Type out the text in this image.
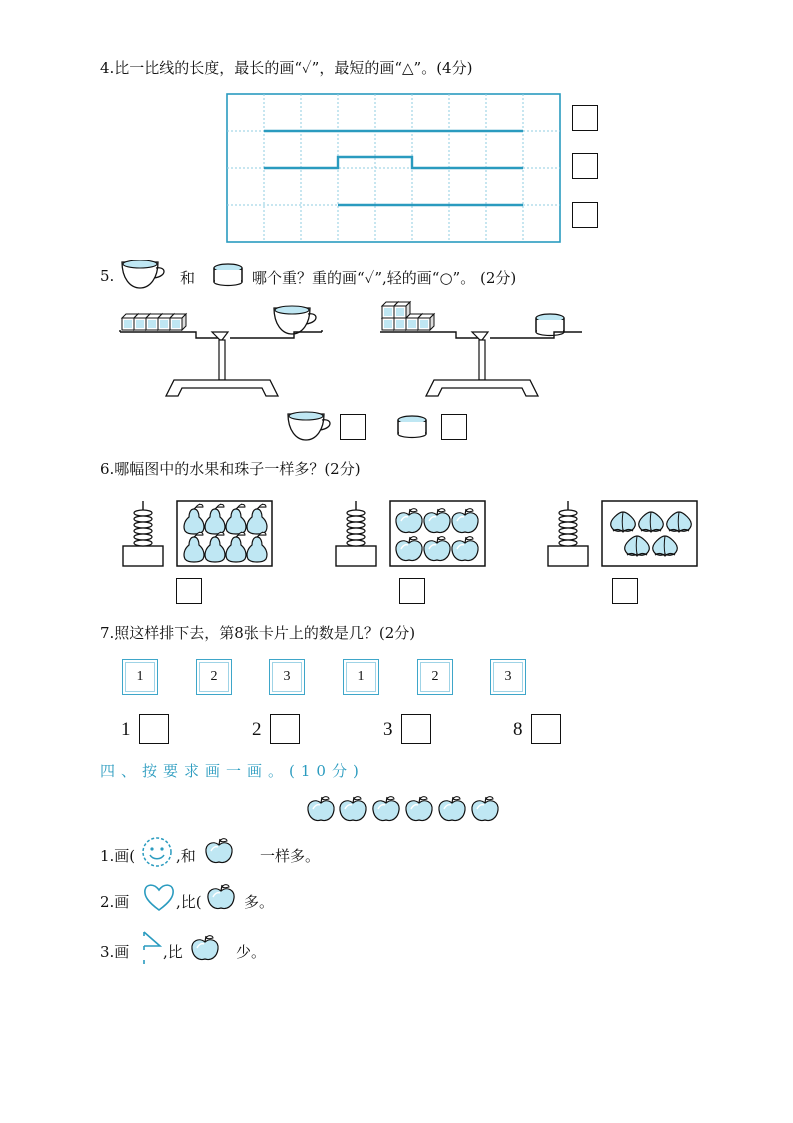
4.比一比线的长度，最长的画“✓”，最短的画“△”。(4分)
5.	和	哪个重？重的画“✓”,轻的画“○”。 (2分)
6.哪幅图中的水果和珠子一样多？(2分)
7.照这样排下去，第8张卡片上的数是几？(2分)
1	2	3	1	2	3
1	2	3	8
四、按要求画一画。(10分)
1.画(	,和	一样多。
2.画	,比(	多。
3.画 ,比	少。
